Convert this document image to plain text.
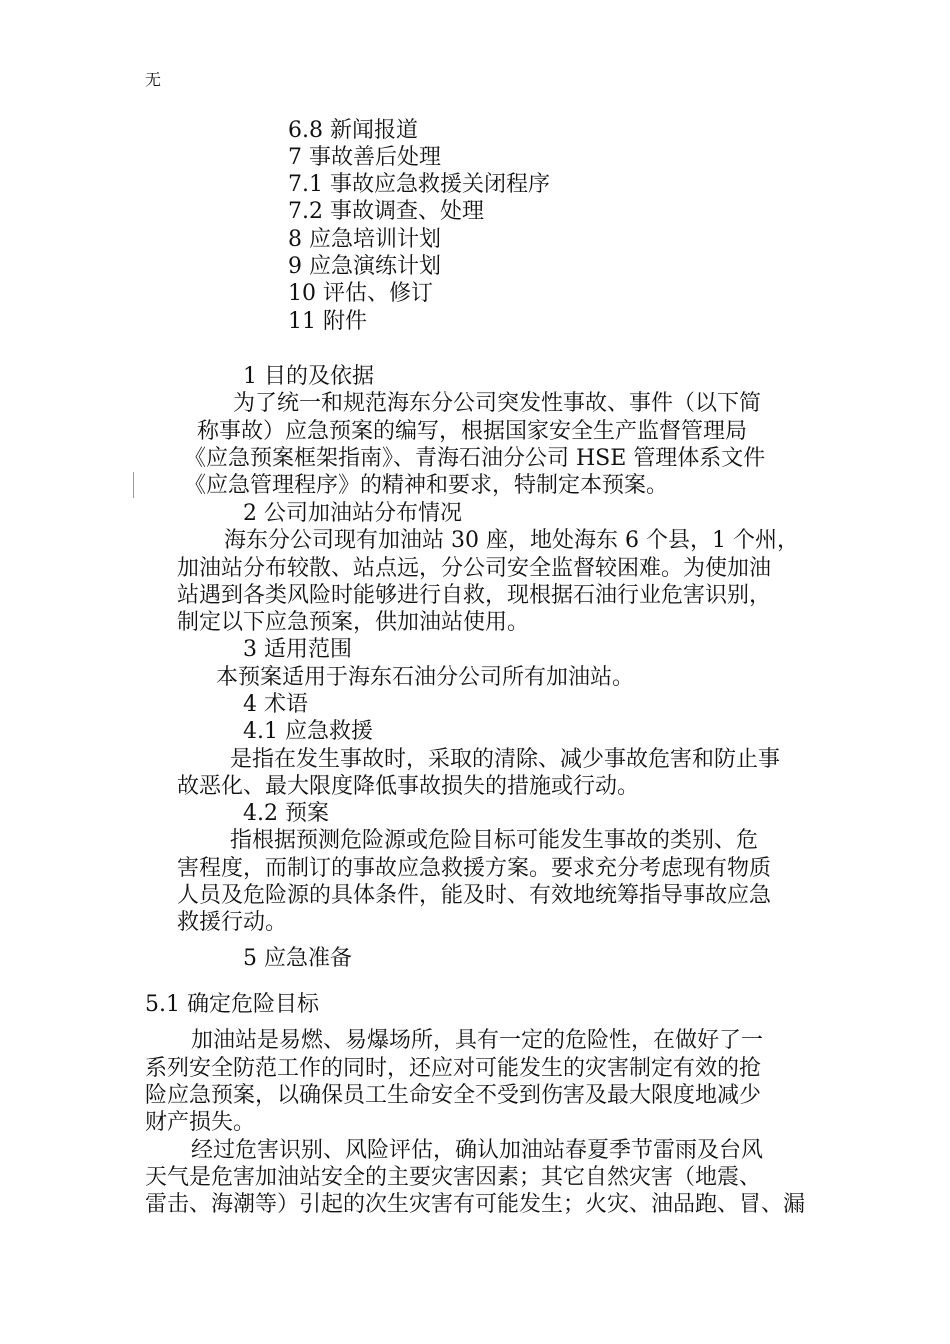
无

6.8 新闻报道

7 事故善后处理

7.1 事故应急救援关闭程序

7.2 事故调查、处理

8 应急培训计划

9 应急演练计划

10 评估、修订

11 附件

1 目的及依据

为了统一和规范海东分公司突发性事故、事件（以下简

称事故）应急预案的编写，根据国家安全生产监督管理局

《应急预案框架指南》、青海石油分公司 HSE 管理体系文件

《应急管理程序》的精神和要求，特制定本预案。

2 公司加油站分布情况

海东分公司现有加油站 30 座，地处海东 6 个县，1 个州，

加油站分布较散、站点远，分公司安全监督较困难。为使加油

站遇到各类风险时能够进行自救，现根据石油行业危害识别，

制定以下应急预案，供加油站使用。

3 适用范围

本预案适用于海东石油分公司所有加油站。

4 术语

4.1 应急救援

是指在发生事故时，采取的清除、减少事故危害和防止事

故恶化、最大限度降低事故损失的措施或行动。

4.2 预案

指根据预测危险源或危险目标可能发生事故的类别、危

害程度，而制订的事故应急救援方案。要求充分考虑现有物质

人员及危险源的具体条件，能及时、有效地统筹指导事故应急

救援行动。

5 应急准备

5.1 确定危险目标

加油站是易燃、易爆场所，具有一定的危险性，在做好了一

系列安全防范工作的同时，还应对可能发生的灾害制定有效的抢

险应急预案，以确保员工生命安全不受到伤害及最大限度地减少

财产损失。

经过危害识别、风险评估，确认加油站春夏季节雷雨及台风

天气是危害加油站安全的主要灾害因素；其它自然灾害（地震、

雷击、海潮等）引起的次生灾害有可能发生；火灾、油品跑、冒、漏
